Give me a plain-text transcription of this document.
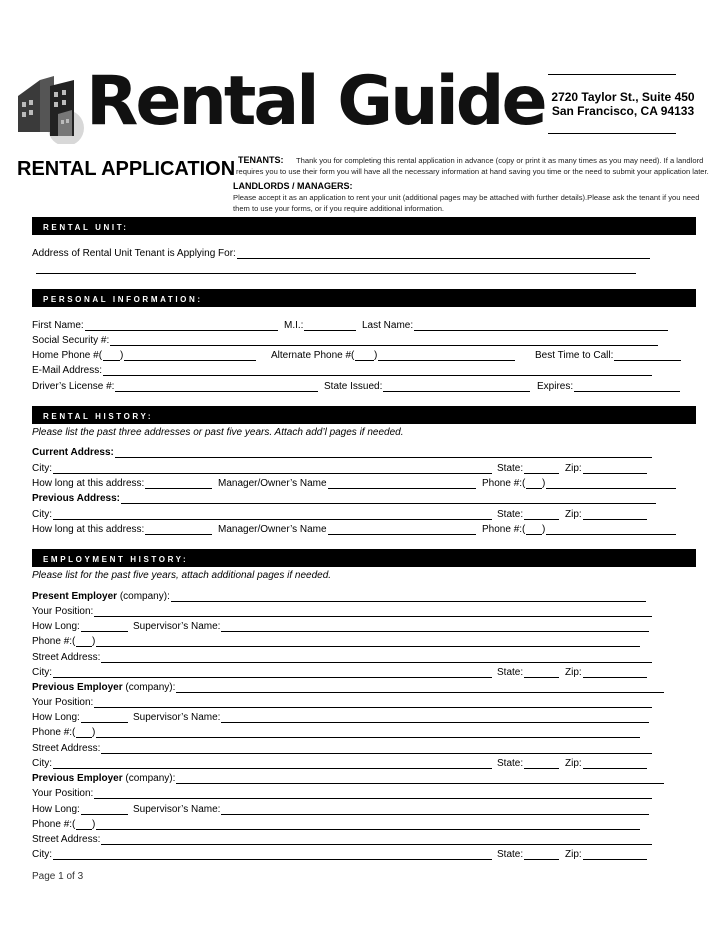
Rental Guide 2720 Taylor St., Suite 450
San Francisco, CA 94133
RENTAL APPLICATION TENANTS: Thank you for completing this rental application in advance (copy or print it as many times as you may need). If a landlord
requires you to use their form you will have all the necessary information at hand saving you time or the need to submit your application later.
LANDLORDS / MANAGERS:
Please accept it as an application to rent your unit (additional pages may be attached with further details).Please ask the tenant if you need
them to use your forms, or if you require additional information.
RENTAL UNIT:
Address of Rental Unit Tenant is Applying For:
PERSONAL INFORMATION:
First Name:	M.I.:	Last Name:
Social Security #:
Home Phone #( )	Alternate Phone #( )	Best Time to Call:
E-Mail Address:
Driver’s License #:	State Issued:	Expires:
RENTAL HISTORY:
Please list the past three addresses or past five years. Attach add’l pages if needed.
Current Address:
City:	State:	Zip:
How long at this address:	Manager/Owner’s Name	Phone #:( )
Previous Address:
City:	State:	Zip:
How long at this address:	Manager/Owner’s Name	Phone #:( )
EMPLOYMENT HISTORY:
Please list for the past five years, attach additional pages if needed.
Present Employer (company):
Your Position:
How Long:	Supervisor’s Name:
Phone #:( )
Street Address:
City:	State:	Zip:
Previous Employer (company):
Your Position:
How Long:	Supervisor’s Name:
Phone #:( )
Street Address:
City:	State:	Zip:
Previous Employer (company):
Your Position:
How Long:	Supervisor’s Name:
Phone #:( )
Street Address:
City:	State:	Zip:
Page 1 of 3
